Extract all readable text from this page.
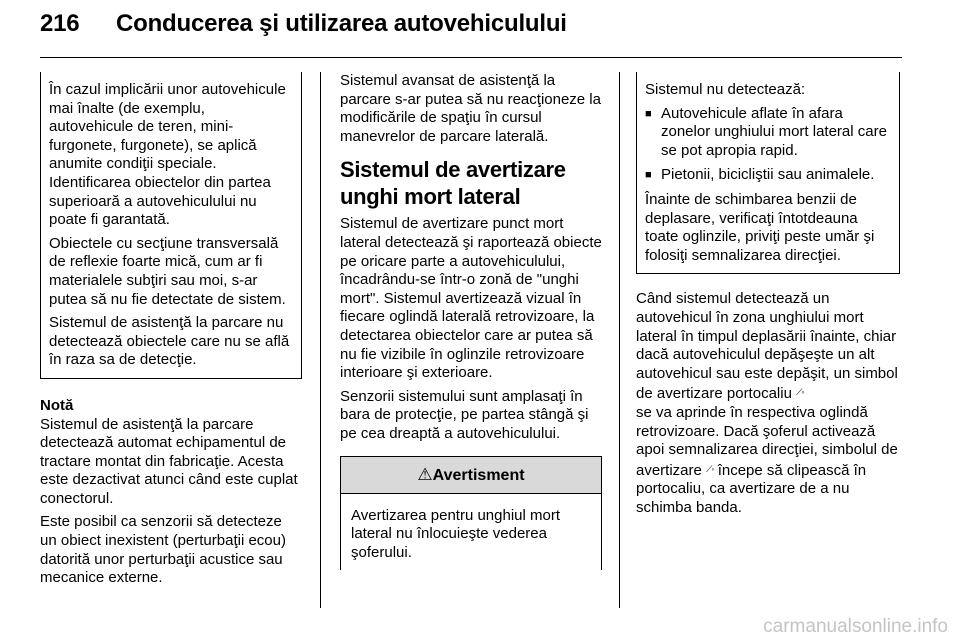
216 Conducerea şi utilizarea autovehiculului

În cazul implicării unor autovehicule mai înalte (de exemplu, autovehicule de teren, mini-furgonete, furgonete), se aplică anumite condiţii speciale. Identificarea obiectelor din partea superioară a autovehiculului nu poate fi garantată.

Obiectele cu secţiune transversală de reflexie foarte mică, cum ar fi materialele subţiri sau moi, s-ar putea să nu fie detectate de sistem.

Sistemul de asistenţă la parcare nu detectează obiectele care nu se află în raza sa de detecţie.

Notă

Sistemul de asistenţă la parcare detectează automat echipamentul de tractare montat din fabricaţie. Acesta este dezactivat atunci când este cuplat conectorul.

Este posibil ca senzorii să detecteze un obiect inexistent (perturbaţii ecou) datorită unor perturbaţii acustice sau mecanice externe.

Sistemul avansat de asistenţă la parcare s-ar putea să nu reacţioneze la modificările de spaţiu în cursul manevrelor de parcare laterală.

Sistemul de avertizare unghi mort lateral

Sistemul de avertizare punct mort lateral detectează şi raportează obiecte pe oricare parte a autovehiculului, încadrându-se într-o zonă de "unghi mort". Sistemul avertizează vizual în fiecare oglindă laterală retrovizoare, la detectarea obiectelor care ar putea să nu fie vizibile în oglinzile retrovizoare interioare şi exterioare.

Senzorii sistemului sunt amplasaţi în bara de protecţie, pe partea stângă şi pe cea dreaptă a autovehiculului.

⚠Avertisment
Avertizarea pentru unghiul mort lateral nu înlocuieşte vederea şoferului.

Sistemul nu detectează:

■ Autovehicule aflate în afara zonelor unghiului mort lateral care se pot apropia rapid.
■ Pietonii, bicicliştii sau animalele.

Înainte de schimbarea benzii de deplasare, verificaţi întotdeauna toate oglinzile, priviţi peste umăr şi folosiţi semnalizarea direcţiei.

Când sistemul detectează un autovehicul în zona unghiului mort lateral în timpul deplasării înainte, chiar dacă autovehiculul depăşeşte un alt autovehicul sau este depăşit, un simbol de avertizare portocaliu ⟋◦
se va aprinde în respectiva oglindă retrovizoare. Dacă şoferul activează apoi semnalizarea direcţiei, simbolul de avertizare ⟋◦ începe să clipească în portocaliu, ca avertizare de a nu schimba banda.

carmanualsonline.info
